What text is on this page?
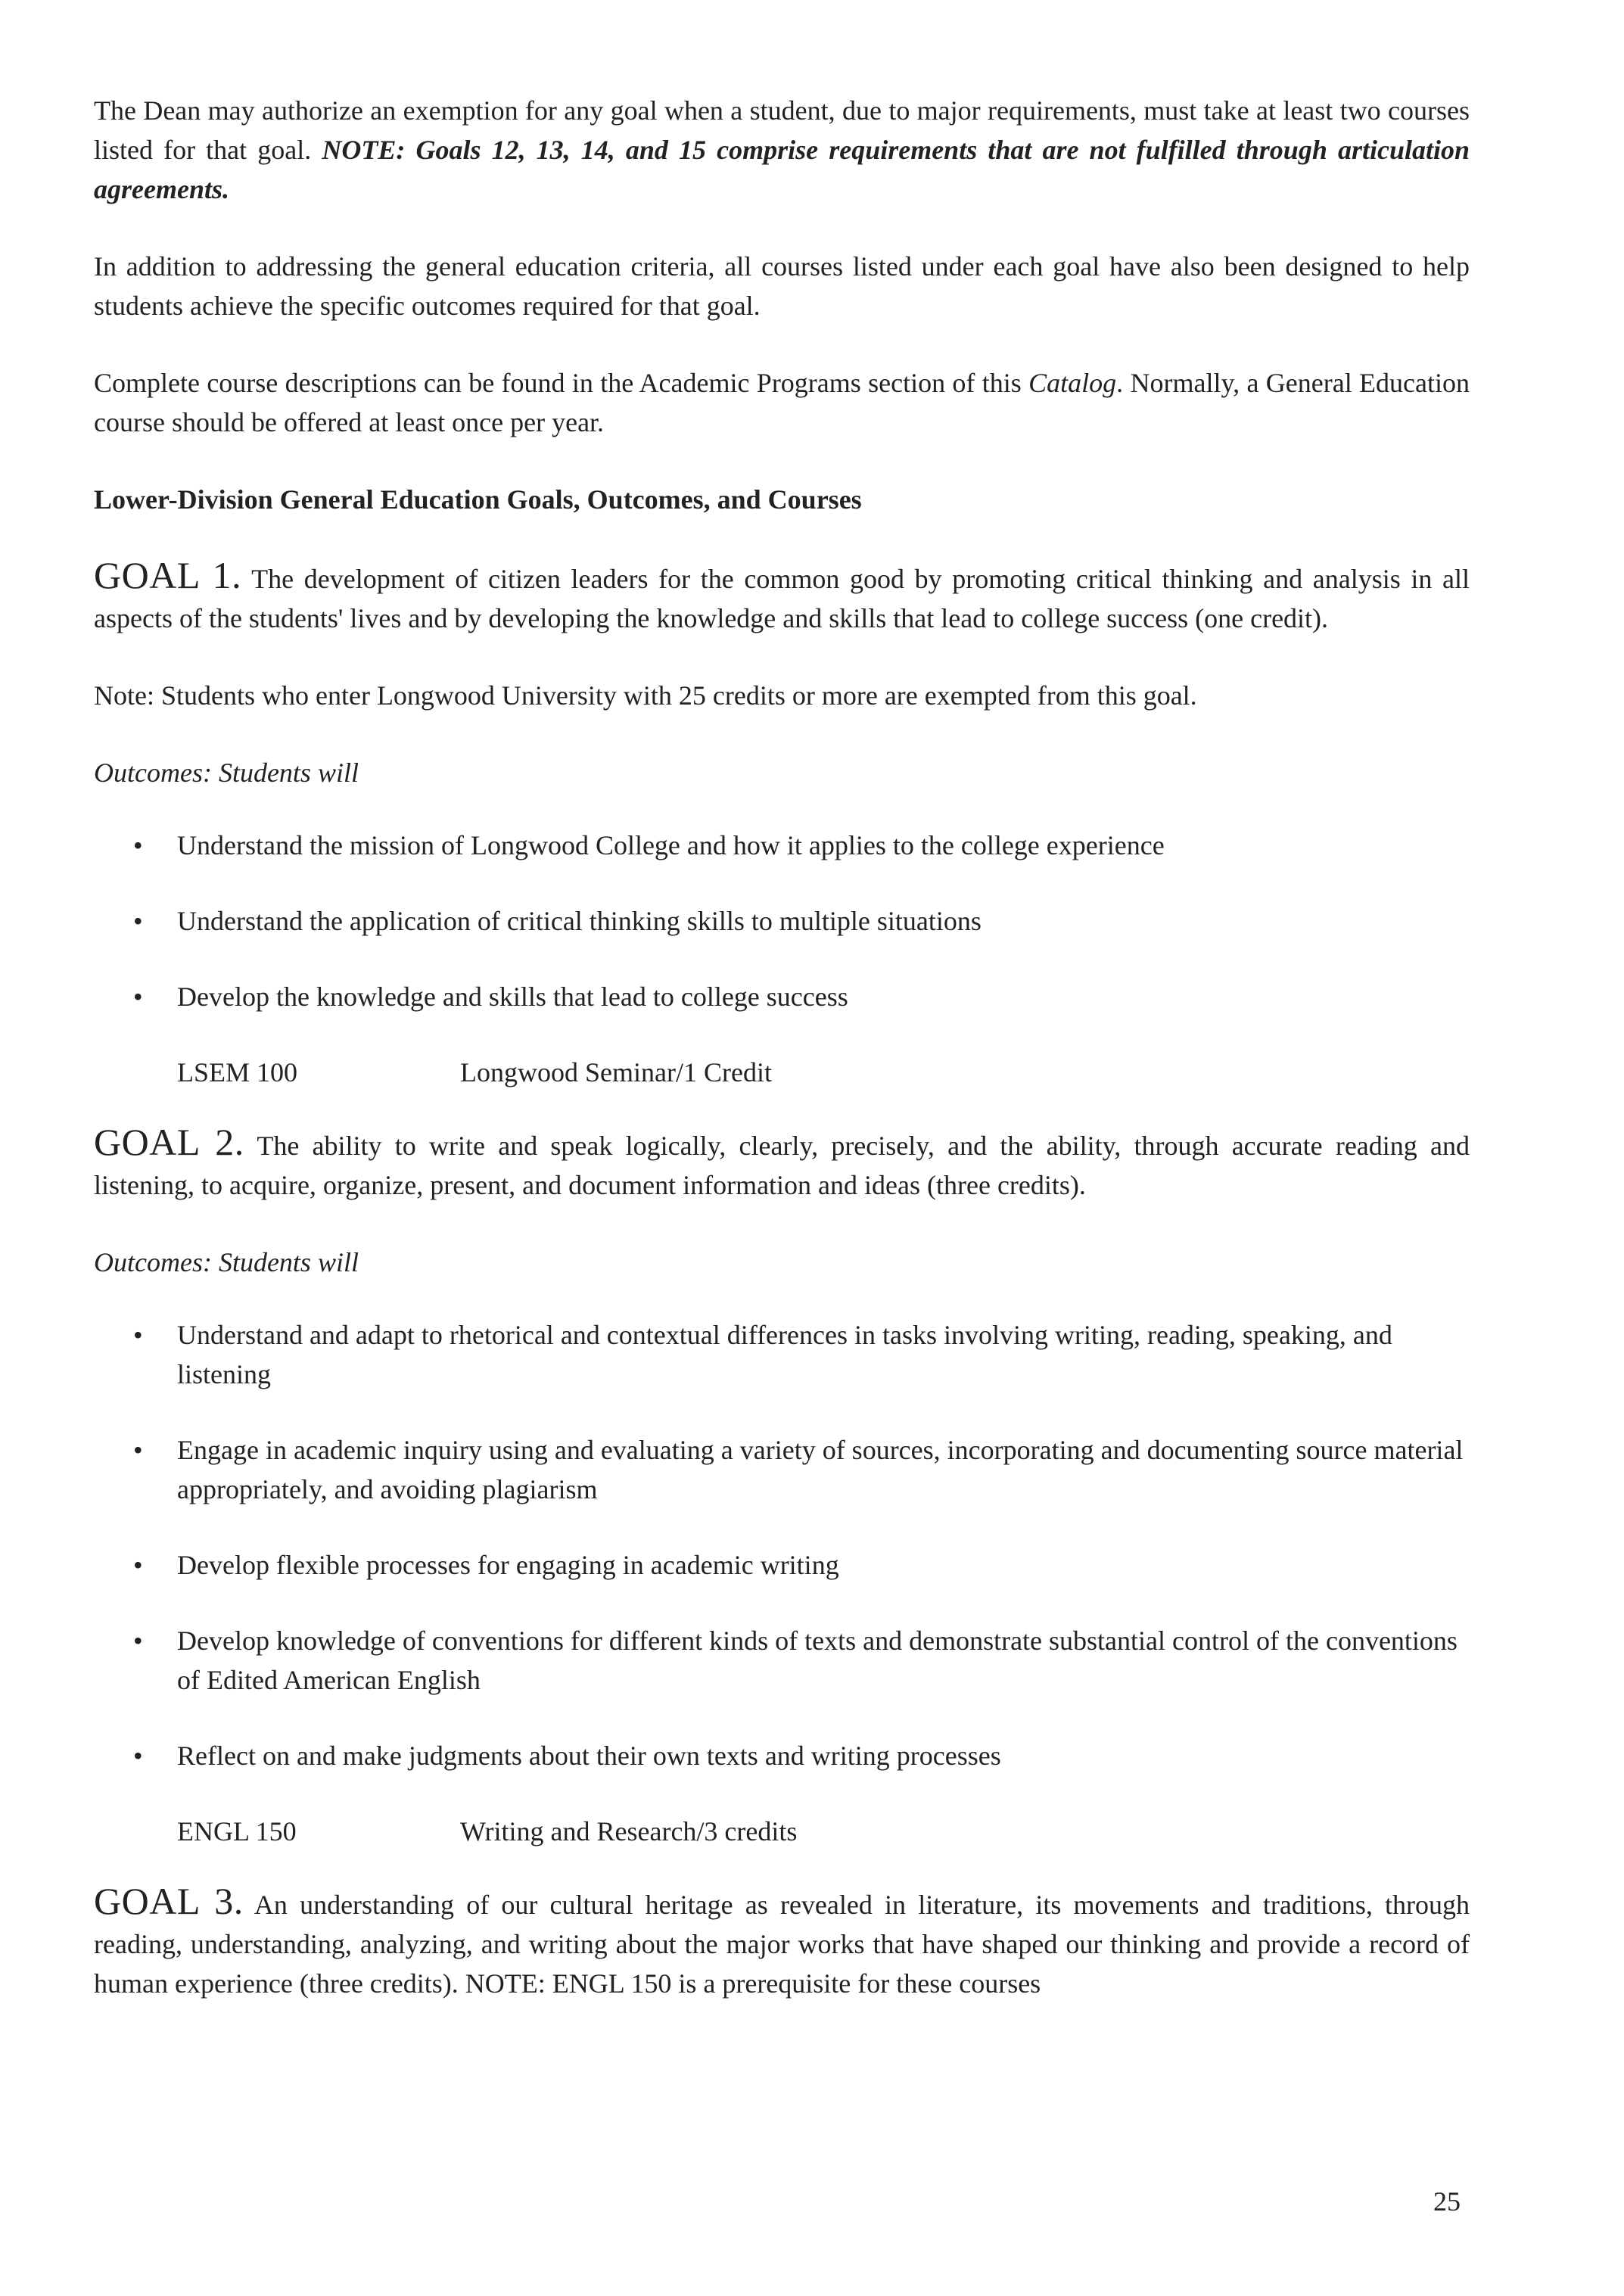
The Dean may authorize an exemption for any goal when a student, due to major requirements, must take at least two courses listed for that goal. NOTE: Goals 12, 13, 14, and 15 comprise requirements that are not fulfilled through articulation agreements.

In addition to addressing the general education criteria, all courses listed under each goal have also been designed to help students achieve the specific outcomes required for that goal.

Complete course descriptions can be found in the Academic Programs section of this Catalog. Normally, a General Education course should be offered at least once per year.

Lower-Division General Education Goals, Outcomes, and Courses

GOAL 1. The development of citizen leaders for the common good by promoting critical thinking and analysis in all aspects of the students' lives and by developing the knowledge and skills that lead to college success (one credit).

Note: Students who enter Longwood University with 25 credits or more are exempted from this goal.

Outcomes: Students will

• Understand the mission of Longwood College and how it applies to the college experience
• Understand the application of critical thinking skills to multiple situations
• Develop the knowledge and skills that lead to college success
LSEM 100	Longwood Seminar/1 Credit

GOAL 2. The ability to write and speak logically, clearly, precisely, and the ability, through accurate reading and listening, to acquire, organize, present, and document information and ideas (three credits).

Outcomes: Students will

• Understand and adapt to rhetorical and contextual differences in tasks involving writing, reading, speaking, and listening
• Engage in academic inquiry using and evaluating a variety of sources, incorporating and documenting source material appropriately, and avoiding plagiarism
• Develop flexible processes for engaging in academic writing
• Develop knowledge of conventions for different kinds of texts and demonstrate substantial control of the conventions of Edited American English
• Reflect on and make judgments about their own texts and writing processes
ENGL 150	Writing and Research/3 credits

GOAL 3. An understanding of our cultural heritage as revealed in literature, its movements and traditions, through reading, understanding, analyzing, and writing about the major works that have shaped our thinking and provide a record of human experience (three credits). NOTE: ENGL 150 is a prerequisite for these courses

25
